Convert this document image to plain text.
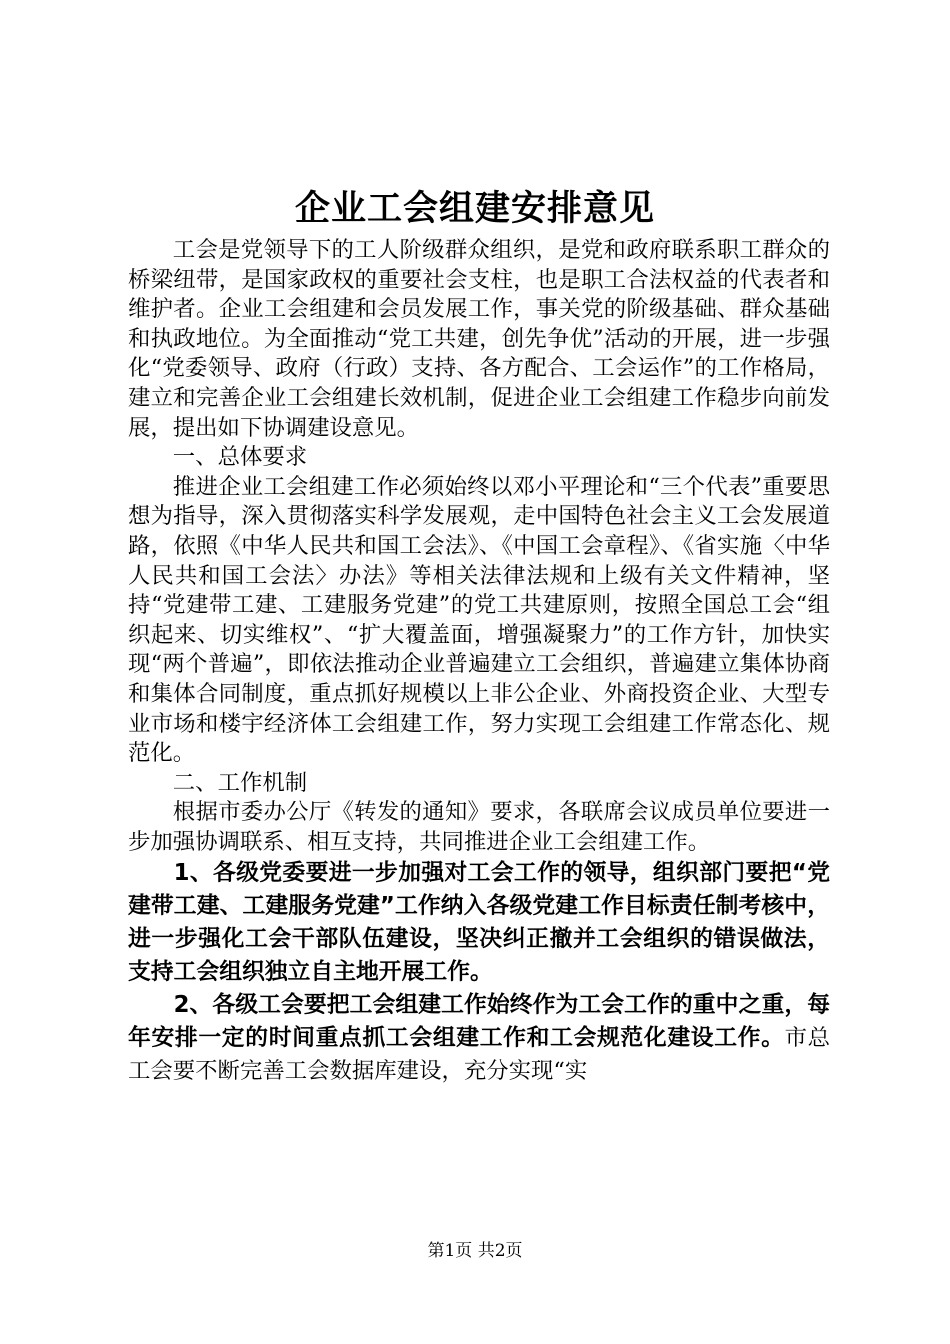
企业工会组建安排意见

工会是党领导下的工人阶级群众组织，是党和政府联系职工群众的桥梁纽带，是国家政权的重要社会支柱，也是职工合法权益的代表者和维护者。企业工会组建和会员发展工作，事关党的阶级基础、群众基础和执政地位。为全面推动“党工共建，创先争优”活动的开展，进一步强化“党委领导、政府（行政）支持、各方配合、工会运作”的工作格局，建立和完善企业工会组建长效机制，促进企业工会组建工作稳步向前发展，提出如下协调建设意见。

一、总体要求

推进企业工会组建工作必须始终以邓小平理论和“三个代表”重要思想为指导，深入贯彻落实科学发展观，走中国特色社会主义工会发展道路，依照《中华人民共和国工会法》、《中国工会章程》、《省实施〈中华人民共和国工会法〉办法》等相关法律法规和上级有关文件精神，坚持“党建带工建、工建服务党建”的党工共建原则，按照全国总工会“组织起来、切实维权”、“扩大覆盖面，增强凝聚力”的工作方针，加快实现“两个普遍”，即依法推动企业普遍建立工会组织，普遍建立集体协商和集体合同制度，重点抓好规模以上非公企业、外商投资企业、大型专业市场和楼宇经济体工会组建工作，努力实现工会组建工作常态化、规范化。

二、工作机制

根据市委办公厅《转发的通知》要求，各联席会议成员单位要进一步加强协调联系、相互支持，共同推进企业工会组建工作。

1、各级党委要进一步加强对工会工作的领导，组织部门要把“党建带工建、工建服务党建”工作纳入各级党建工作目标责任制考核中，进一步强化工会干部队伍建设，坚决纠正撤并工会组织的错误做法，支持工会组织独立自主地开展工作。

2、各级工会要把工会组建工作始终作为工会工作的重中之重，每年安排一定的时间重点抓工会组建工作和工会规范化建设工作。市总工会要不断完善工会数据库建设，充分实现“实

第1页 共2页
